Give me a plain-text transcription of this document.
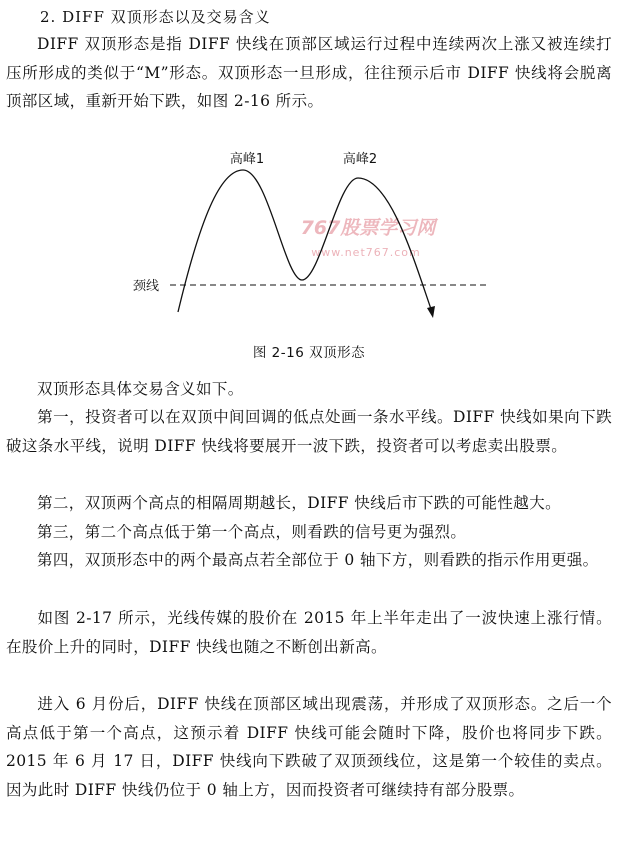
2. DIFF 双顶形态以及交易含义

DIFF 双顶形态是指 DIFF 快线在顶部区域运行过程中连续两次上涨又被连续打压所形成的类似于“M”形态。双顶形态一旦形成，往往预示后市 DIFF 快线将会脱离顶部区域，重新开始下跌，如图 2-16 所示。

767股票学习网
www.net767.com
高峰1	高峰2
颈线
图 2-16 双顶形态

双顶形态具体交易含义如下。

第一，投资者可以在双顶中间回调的低点处画一条水平线。DIFF 快线如果向下跌破这条水平线，说明 DIFF 快线将要展开一波下跌，投资者可以考虑卖出股票。

第二，双顶两个高点的相隔周期越长，DIFF 快线后市下跌的可能性越大。

第三，第二个高点低于第一个高点，则看跌的信号更为强烈。

第四，双顶形态中的两个最高点若全部位于 0 轴下方，则看跌的指示作用更强。

如图 2-17 所示，光线传媒的股价在 2015 年上半年走出了一波快速上涨行情。在股价上升的同时，DIFF 快线也随之不断创出新高。

进入 6 月份后，DIFF 快线在顶部区域出现震荡，并形成了双顶形态。之后一个高点低于第一个高点，这预示着 DIFF 快线可能会随时下降，股价也将同步下跌。2015 年 6 月 17 日，DIFF 快线向下跌破了双顶颈线位，这是第一个较佳的卖点。因为此时 DIFF 快线仍位于 0 轴上方，因而投资者可继续持有部分股票。
